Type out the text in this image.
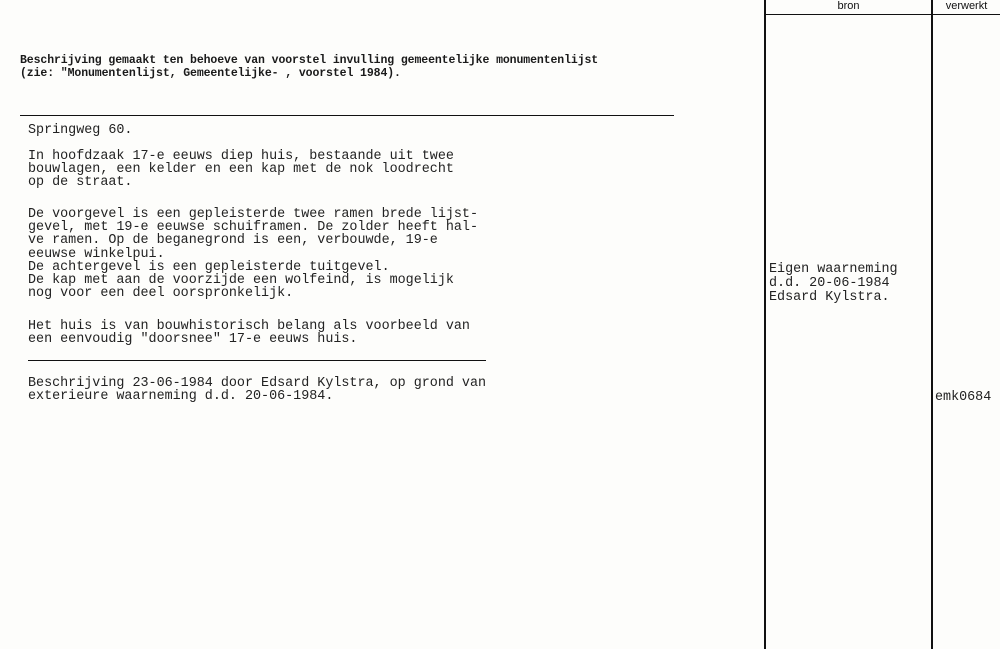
bron	verwerkt
Beschrijving gemaakt ten behoeve van voorstel invulling gemeentelijke monumentenlijst
(zie: "Monumentenlijst, Gemeentelijke- , voorstel 1984).
Springweg 60.
In hoofdzaak 17-e eeuws diep huis, bestaande uit twee
bouwlagen, een kelder en een kap met de nok loodrecht
op de straat.
De voorgevel is een gepleisterde twee ramen brede lijst-
gevel, met 19-e eeuwse schuiframen. De zolder heeft hal-
ve ramen. Op de beganegrond is een, verbouwde, 19-e
eeuwse winkelpui.
De achtergevel is een gepleisterde tuitgevel.
De kap met aan de voorzijde een wolfeind, is mogelijk
nog voor een deel oorspronkelijk.
Het huis is van bouwhistorisch belang als voorbeeld van
een eenvoudig "doorsnee" 17-e eeuws huis.
Beschrijving 23-06-1984 door Edsard Kylstra, op grond van
exterieure waarneming d.d. 20-06-1984.
Eigen waarneming
d.d. 20-06-1984
Edsard Kylstra.
emk0684
